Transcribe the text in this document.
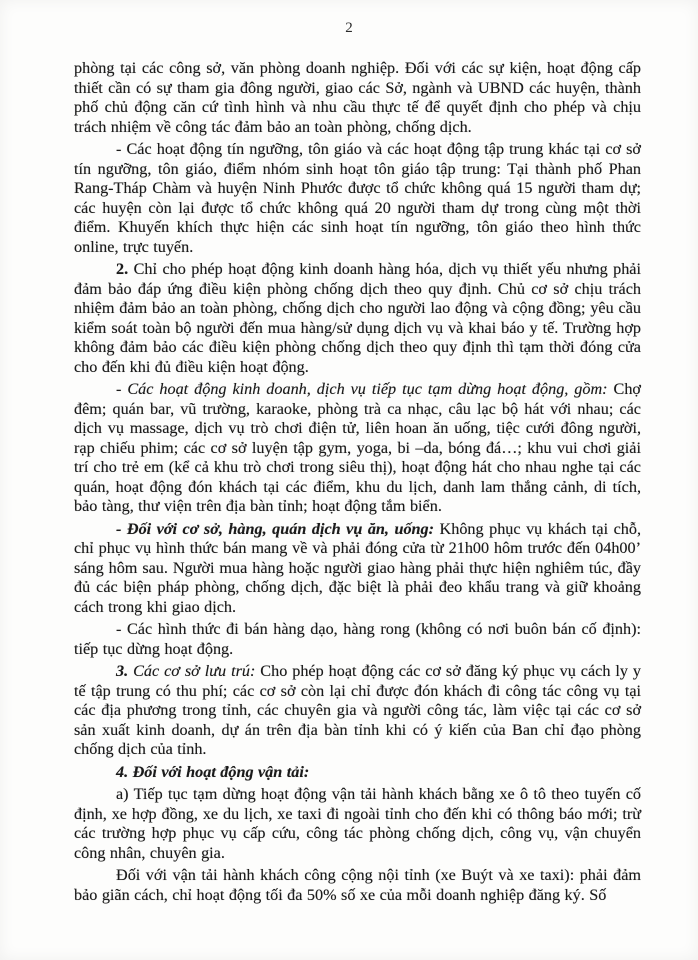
2

phòng tại các công sở, văn phòng doanh nghiệp. Đối với các sự kiện, hoạt động cấp thiết cần có sự tham gia đông người, giao các Sở, ngành và UBND các huyện, thành phố chủ động căn cứ tình hình và nhu cầu thực tế để quyết định cho phép và chịu trách nhiệm về công tác đảm bảo an toàn phòng, chống dịch.

- Các hoạt động tín ngưỡng, tôn giáo và các hoạt động tập trung khác tại cơ sở tín ngưỡng, tôn giáo, điểm nhóm sinh hoạt tôn giáo tập trung: Tại thành phố Phan Rang-Tháp Chàm và huyện Ninh Phước được tổ chức không quá 15 người tham dự; các huyện còn lại được tổ chức không quá 20 người tham dự trong cùng một thời điểm. Khuyến khích thực hiện các sinh hoạt tín ngưỡng, tôn giáo theo hình thức online, trực tuyến.

2. Chỉ cho phép hoạt động kinh doanh hàng hóa, dịch vụ thiết yếu nhưng phải đảm bảo đáp ứng điều kiện phòng chống dịch theo quy định. Chủ cơ sở chịu trách nhiệm đảm bảo an toàn phòng, chống dịch cho người lao động và cộng đồng; yêu cầu kiểm soát toàn bộ người đến mua hàng/sử dụng dịch vụ và khai báo y tế. Trường hợp không đảm bảo các điều kiện phòng chống dịch theo quy định thì tạm thời đóng cửa cho đến khi đủ điều kiện hoạt động.

- Các hoạt động kinh doanh, dịch vụ tiếp tục tạm dừng hoạt động, gồm: Chợ đêm; quán bar, vũ trường, karaoke, phòng trà ca nhạc, câu lạc bộ hát với nhau; các dịch vụ massage, dịch vụ trò chơi điện tử, liên hoan ăn uống, tiệc cưới đông người, rạp chiếu phim; các cơ sở luyện tập gym, yoga, bi –da, bóng đá…; khu vui chơi giải trí cho trẻ em (kể cả khu trò chơi trong siêu thị), hoạt động hát cho nhau nghe tại các quán, hoạt động đón khách tại các điểm, khu du lịch, danh lam thắng cảnh, di tích, bảo tàng, thư viện trên địa bàn tỉnh; hoạt động tắm biển.

- Đối với cơ sở, hàng, quán dịch vụ ăn, uống: Không phục vụ khách tại chỗ, chỉ phục vụ hình thức bán mang về và phải đóng cửa từ 21h00 hôm trước đến 04h00’ sáng hôm sau. Người mua hàng hoặc người giao hàng phải thực hiện nghiêm túc, đầy đủ các biện pháp phòng, chống dịch, đặc biệt là phải đeo khẩu trang và giữ khoảng cách trong khi giao dịch.

- Các hình thức đi bán hàng dạo, hàng rong (không có nơi buôn bán cố định): tiếp tục dừng hoạt động.

3. Các cơ sở lưu trú: Cho phép hoạt động các cơ sở đăng ký phục vụ cách ly y tế tập trung có thu phí; các cơ sở còn lại chỉ được đón khách đi công tác công vụ tại các địa phương trong tỉnh, các chuyên gia và người công tác, làm việc tại các cơ sở sản xuất kinh doanh, dự án trên địa bàn tỉnh khi có ý kiến của Ban chỉ đạo phòng chống dịch của tỉnh.

4. Đối với hoạt động vận tải:

a) Tiếp tục tạm dừng hoạt động vận tải hành khách bằng xe ô tô theo tuyến cố định, xe hợp đồng, xe du lịch, xe taxi đi ngoài tỉnh cho đến khi có thông báo mới; trừ các trường hợp phục vụ cấp cứu, công tác phòng chống dịch, công vụ, vận chuyển công nhân, chuyên gia.

Đối với vận tải hành khách công cộng nội tỉnh (xe Buýt và xe taxi): phải đảm bảo giãn cách, chỉ hoạt động tối đa 50% số xe của mỗi doanh nghiệp đăng ký. Số
